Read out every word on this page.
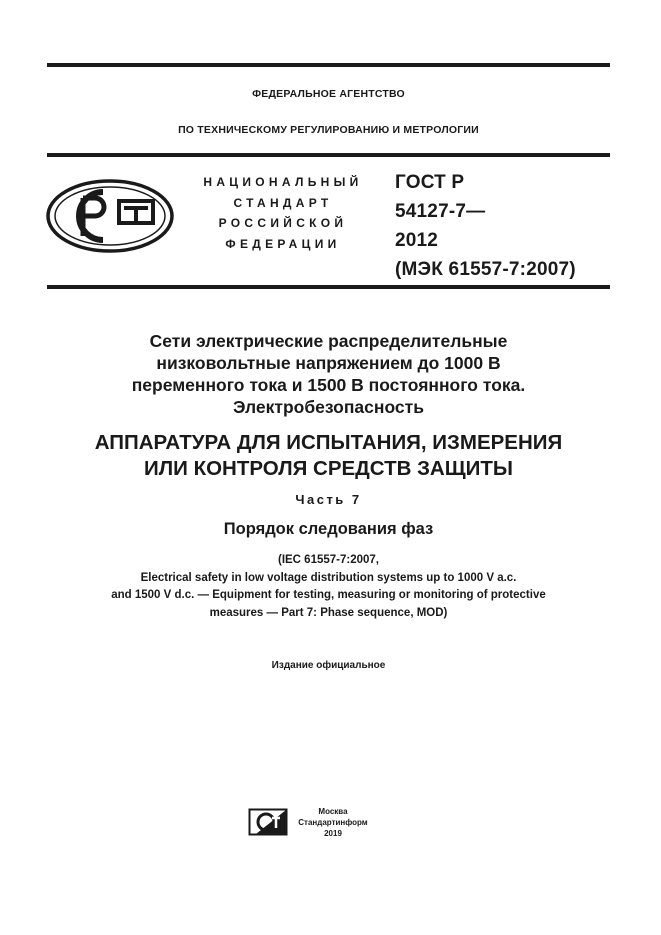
ФЕДЕРАЛЬНОЕ АГЕНТСТВО
ПО ТЕХНИЧЕСКОМУ РЕГУЛИРОВАНИЮ И МЕТРОЛОГИИ
НАЦИОНАЛЬНЫЙ
СТАНДАРТ
РОССИЙСКОЙ
ФЕДЕРАЦИИ
ГОСТ Р
54127-7—
2012
(МЭК 61557-7:2007)
Сети электрические распределительные
низковольтные напряжением до 1000 В
переменного тока и 1500 В постоянного тока.
Электробезопасность
АППАРАТУРА ДЛЯ ИСПЫТАНИЯ, ИЗМЕРЕНИЯ
ИЛИ КОНТРОЛЯ СРЕДСТВ ЗАЩИТЫ
Часть 7
Порядок следования фаз
(IEC 61557-7:2007,
Electrical safety in low voltage distribution systems up to 1000 V a.c.
and 1500 V d.c. — Equipment for testing, measuring or monitoring of protective
measures — Part 7: Phase sequence, MOD)
Издание официальное
Москва
Стандартинформ
2019
